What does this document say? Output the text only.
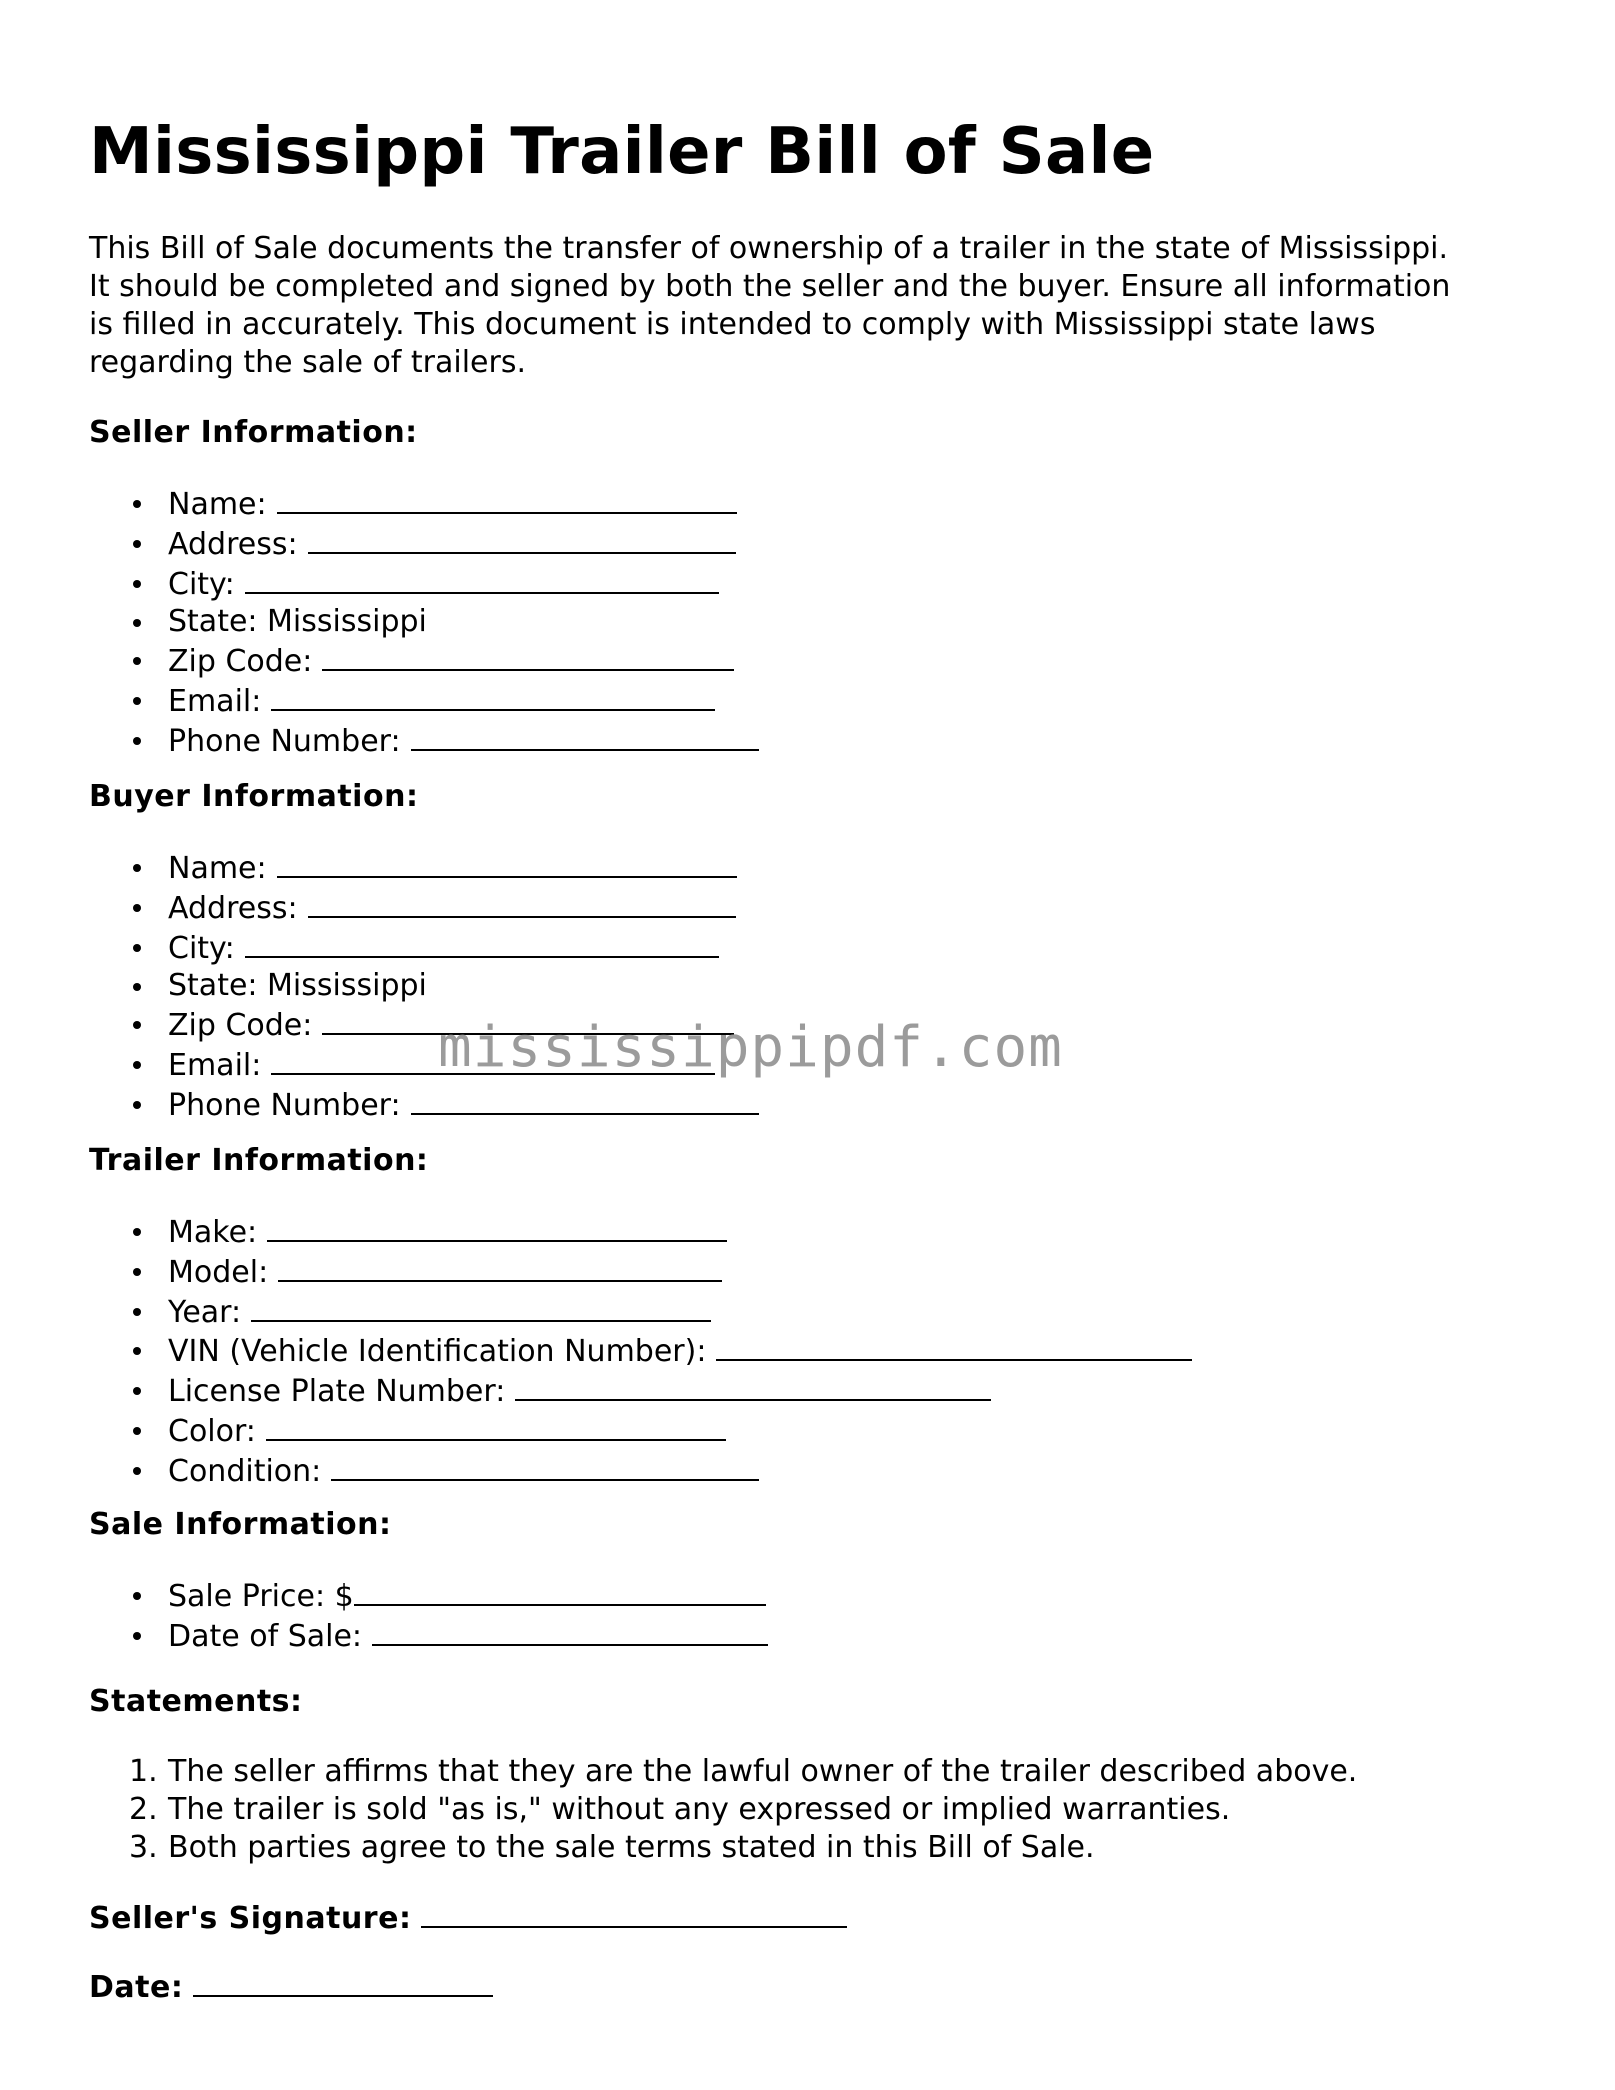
Mississippi Trailer Bill of Sale

This Bill of Sale documents the transfer of ownership of a trailer in the state of Mississippi.
It should be completed and signed by both the seller and the buyer. Ensure all information
is filled in accurately. This document is intended to comply with Mississippi state laws
regarding the sale of trailers.

Seller Information:
Name:
Address:
City:
State: Mississippi
Zip Code:
Email:
Phone Number:
Buyer Information:
Name:
Address:
City:
State: Mississippi
Zip Code:
Email:
Phone Number:
Trailer Information:
Make:
Model:
Year:
VIN (Vehicle Identification Number):
License Plate Number:
Color:
Condition:
Sale Information:
Sale Price: $
Date of Sale:
Statements:
1. The seller affirms that they are the lawful owner of the trailer described above.
2. The trailer is sold "as is," without any expressed or implied warranties.
3. Both parties agree to the sale terms stated in this Bill of Sale.

Seller's Signature:

Date:

mississippipdf.com
